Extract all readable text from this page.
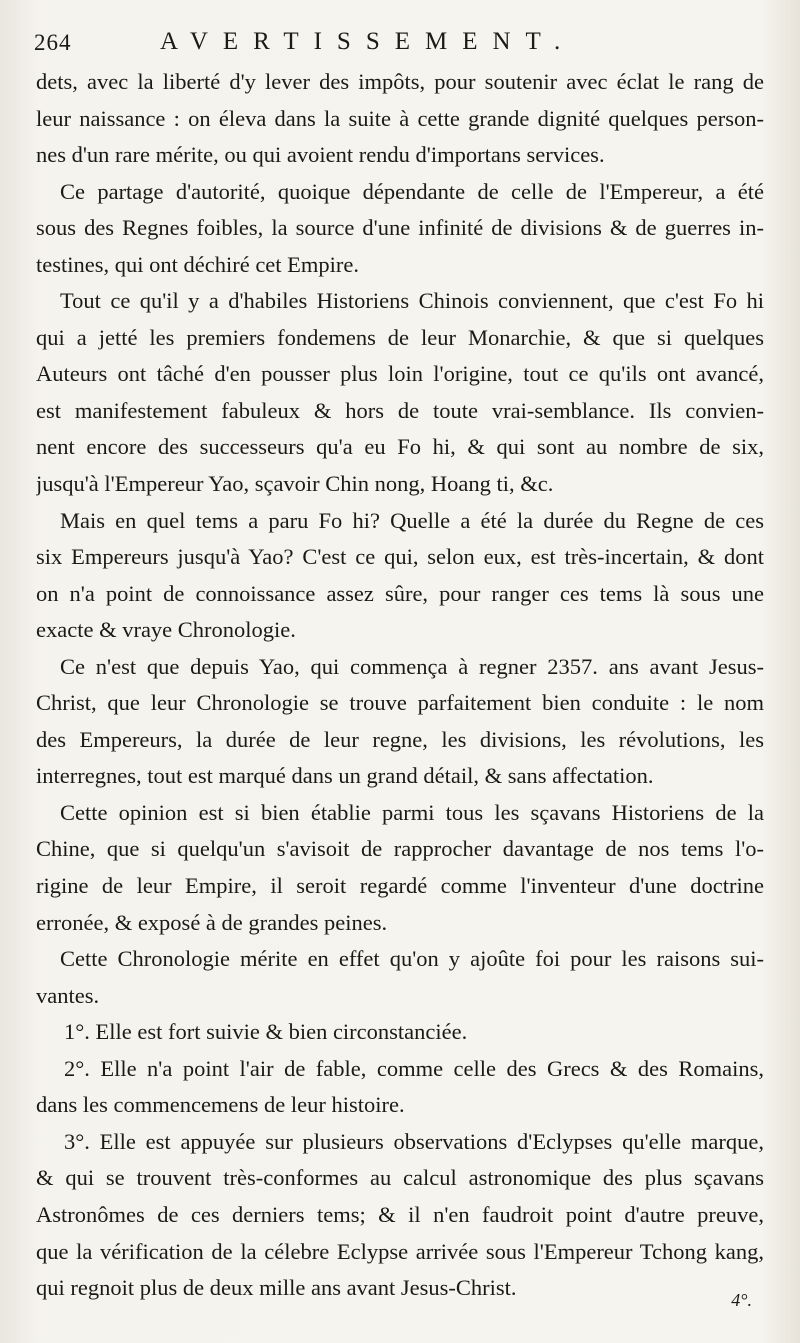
264	AVERTISSEMENT.
dets, avec la liberté d'y lever des impôts, pour soutenir avec éclat le rang de
leur naissance : on éleva dans la suite à cette grande dignité quelques person-
nes d'un rare mérite, ou qui avoient rendu d'importans services.
Ce partage d'autorité, quoique dépendante de celle de l'Empereur, a été
sous des Regnes foibles, la source d'une infinité de divisions & de guerres in-
testines, qui ont déchiré cet Empire.
Tout ce qu'il y a d'habiles Historiens Chinois conviennent, que c'est Fo hi
qui a jetté les premiers fondemens de leur Monarchie, & que si quelques
Auteurs ont tâché d'en pousser plus loin l'origine, tout ce qu'ils ont avancé,
est manifestement fabuleux & hors de toute vrai-semblance. Ils convien-
nent encore des successeurs qu'a eu Fo hi, & qui sont au nombre de six,
jusqu'à l'Empereur Yao, sçavoir Chin nong, Hoang ti, &c.
Mais en quel tems a paru Fo hi? Quelle a été la durée du Regne de ces
six Empereurs jusqu'à Yao? C'est ce qui, selon eux, est très-incertain, & dont
on n'a point de connoissance assez sûre, pour ranger ces tems là sous une
exacte & vraye Chronologie.
Ce n'est que depuis Yao, qui commença à regner 2357. ans avant Jesus-
Christ, que leur Chronologie se trouve parfaitement bien conduite : le nom
des Empereurs, la durée de leur regne, les divisions, les révolutions, les
interregnes, tout est marqué dans un grand détail, & sans affectation.
Cette opinion est si bien établie parmi tous les sçavans Historiens de la
Chine, que si quelqu'un s'avisoit de rapprocher davantage de nos tems l'o-
rigine de leur Empire, il seroit regardé comme l'inventeur d'une doctrine
erronée, & exposé à de grandes peines.
Cette Chronologie mérite en effet qu'on y ajoûte foi pour les raisons sui-
vantes.
1°. Elle est fort suivie & bien circonstanciée.
2°. Elle n'a point l'air de fable, comme celle des Grecs & des Romains,
dans les commencemens de leur histoire.
3°. Elle est appuyée sur plusieurs observations d'Eclypses qu'elle marque,
& qui se trouvent très-conformes au calcul astronomique des plus sçavans
Astronômes de ces derniers tems; & il n'en faudroit point d'autre preuve,
que la vérification de la célebre Eclypse arrivée sous l'Empereur Tchong kang,
qui regnoit plus de deux mille ans avant Jesus-Christ.	4°.
